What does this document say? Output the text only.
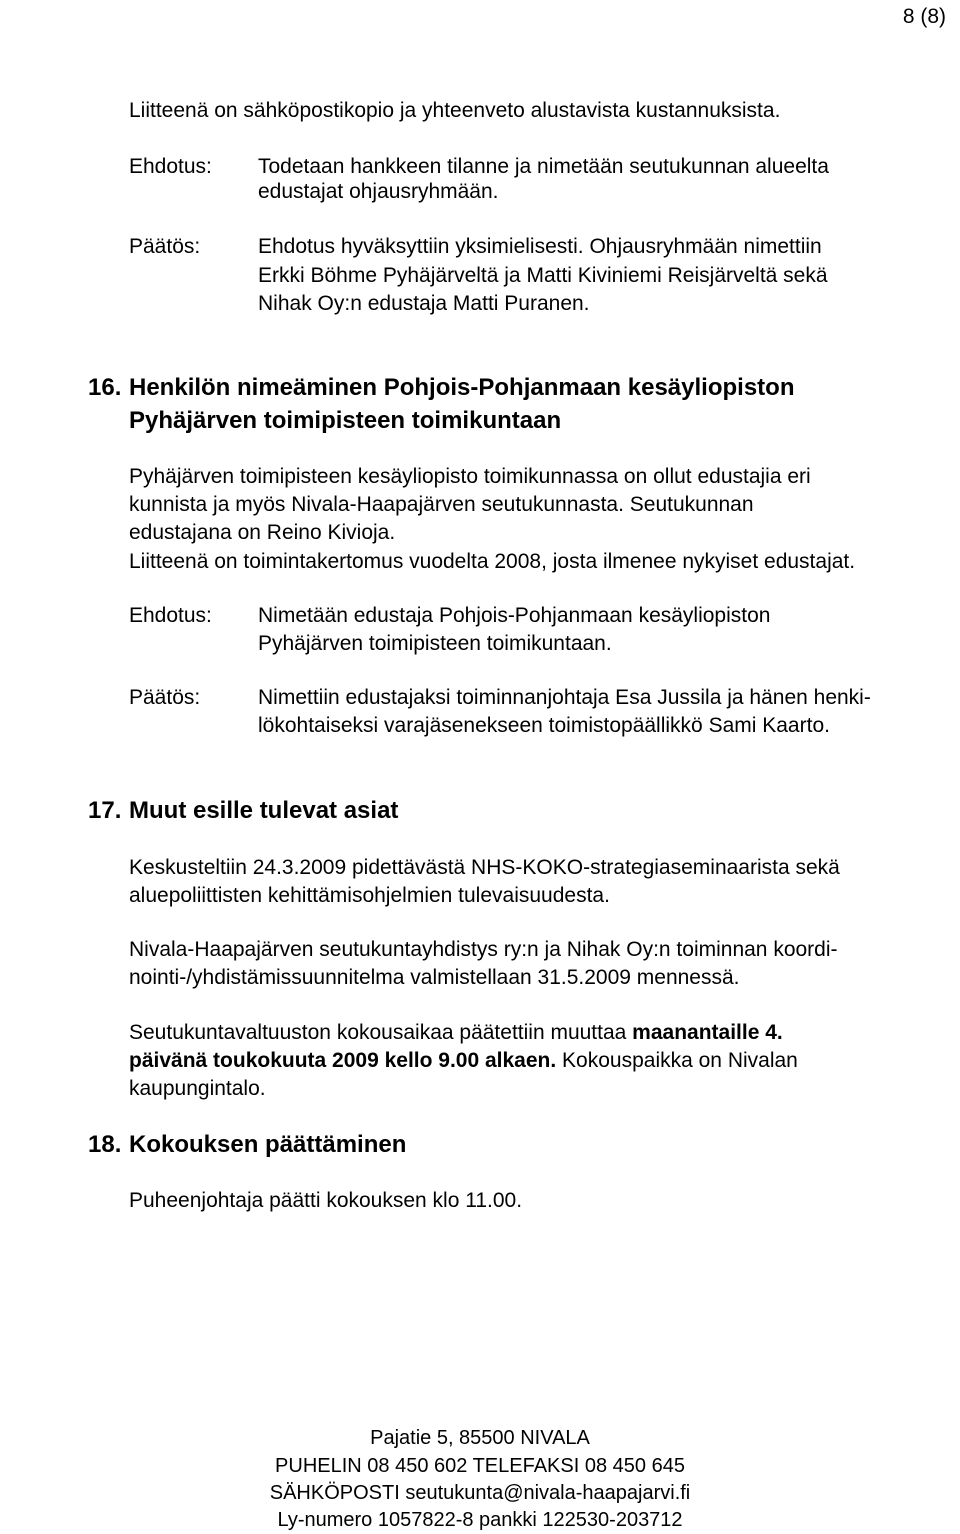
8 (8)
Liitteenä on sähköpostikopio ja yhteenveto alustavista kustannuksista.
Ehdotus: Todetaan hankkeen tilanne ja nimetään seutukunnan alueelta
edustajat ohjausryhmään.
Päätös:	Ehdotus hyväksyttiin yksimielisesti. Ohjausryhmään nimettiin
Erkki Böhme Pyhäjärveltä ja Matti Kiviniemi Reisjärveltä sekä
Nihak Oy:n edustaja Matti Puranen.
16. Henkilön nimeäminen Pohjois-Pohjanmaan kesäyliopiston
Pyhäjärven toimipisteen toimikuntaan
Pyhäjärven toimipisteen kesäyliopisto toimikunnassa on ollut edustajia eri
kunnista ja myös Nivala-Haapajärven seutukunnasta. Seutukunnan
edustajana on Reino Kivioja.
Liitteenä on toimintakertomus vuodelta 2008, josta ilmenee nykyiset edustajat.
Ehdotus: Nimetään edustaja Pohjois-Pohjanmaan kesäyliopiston
Pyhäjärven toimipisteen toimikuntaan.
Päätös:	Nimettiin edustajaksi toiminnanjohtaja Esa Jussila ja hänen henki-
lökohtaiseksi varajäsenekseen toimistopäällikkö Sami Kaarto.
17. Muut esille tulevat asiat
Keskusteltiin 24.3.2009 pidettävästä NHS-KOKO-strategiaseminaarista sekä
aluepoliittisten kehittämisohjelmien tulevaisuudesta.
Nivala-Haapajärven seutukuntayhdistys ry:n ja Nihak Oy:n toiminnan koordi-
nointi-/yhdistämissuunnitelma valmistellaan 31.5.2009 mennessä.
Seutukuntavaltuuston kokousaikaa päätettiin muuttaa maanantaille 4.
päivänä toukokuuta 2009 kello 9.00 alkaen. Kokouspaikka on Nivalan
kaupungintalo.
18. Kokouksen päättäminen
Puheenjohtaja päätti kokouksen klo 11.00.
Pajatie 5, 85500 NIVALA
PUHELIN 08 450 602 TELEFAKSI 08 450 645
SÄHKÖPOSTI seutukunta@nivala-haapajarvi.fi
Ly-numero 1057822-8 pankki 122530-203712
